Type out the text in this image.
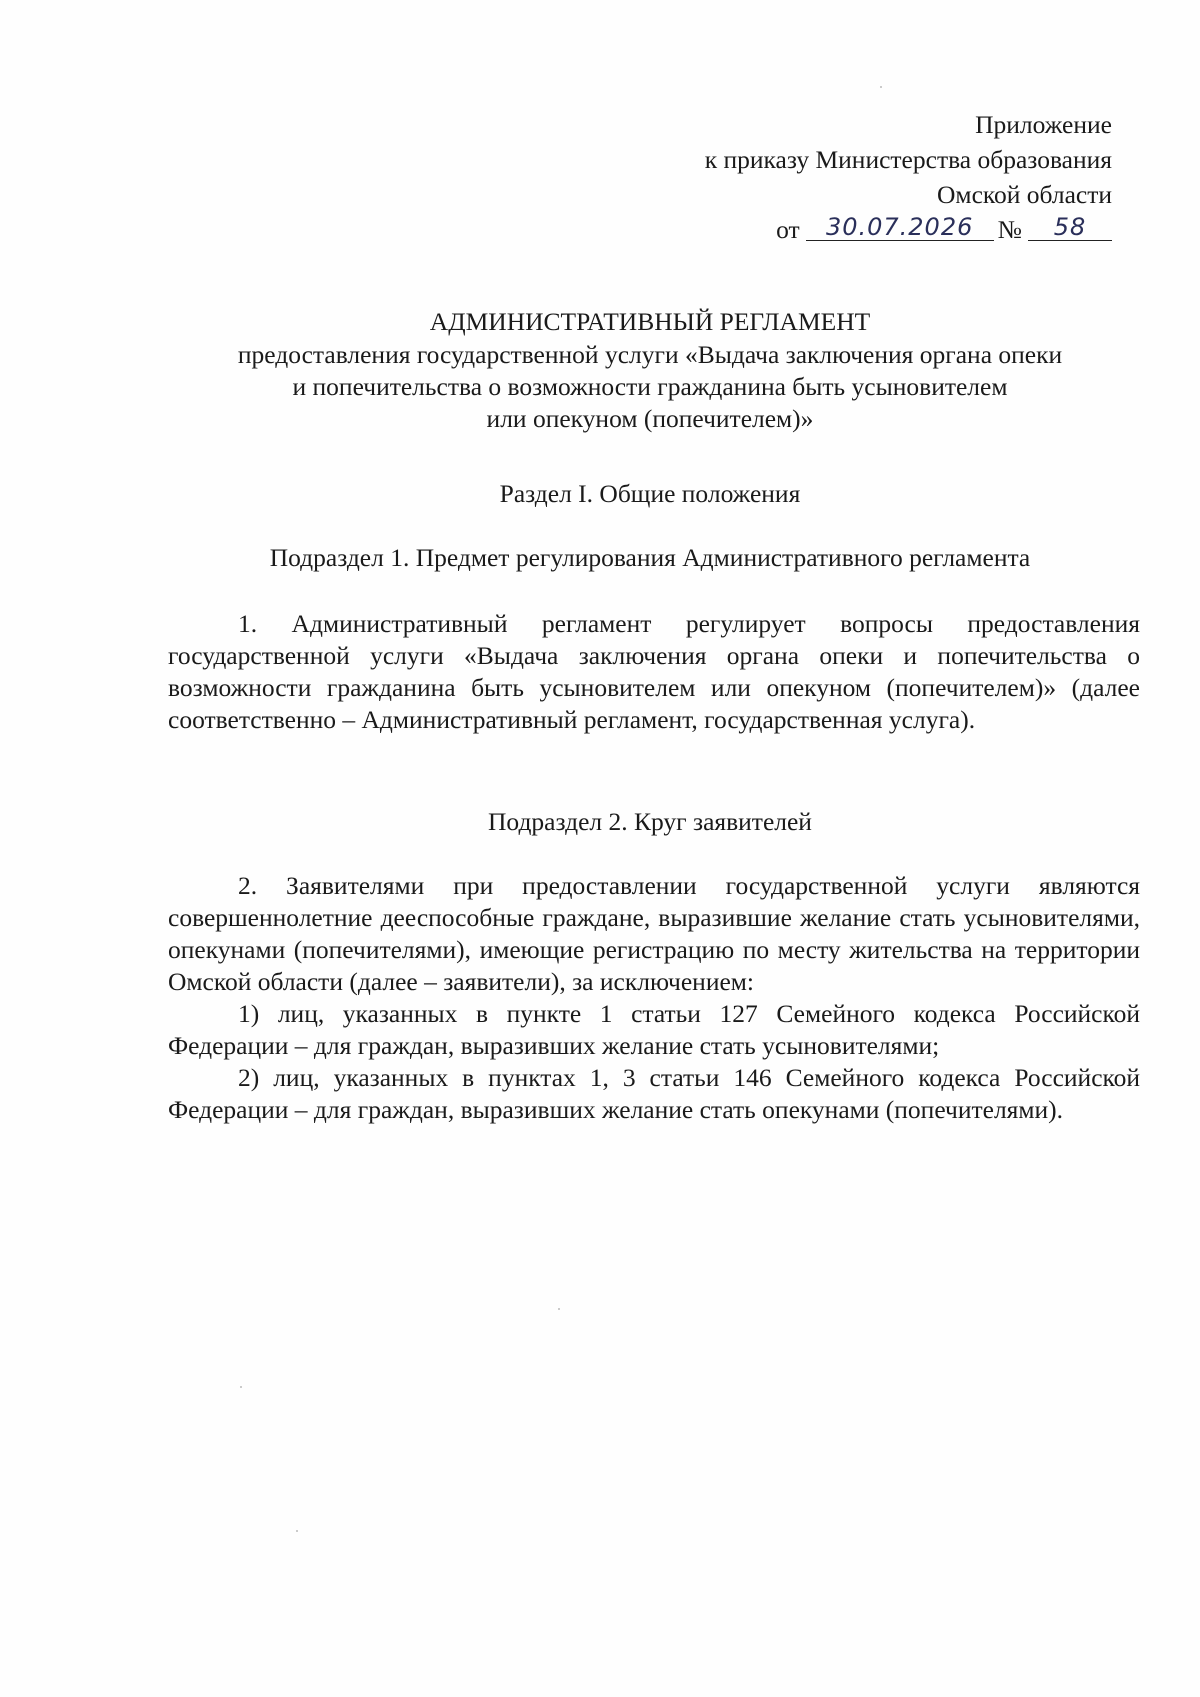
Приложение
к приказу Министерства образования
Омской области
от	30.07.2026 №	58
АДМИНИСТРАТИВНЫЙ РЕГЛАМЕНТ
предоставления государственной услуги «Выдача заключения органа опеки
и попечительства о возможности гражданина быть усыновителем
или опекуном (попечителем)»
Раздел I. Общие положения
Подраздел 1. Предмет регулирования Административного регламента

1. Административный регламент регулирует вопросы предоставления государственной услуги «Выдача заключения органа опеки и попечительства о возможности гражданина быть усыновителем или опекуном (попечителем)» (далее соответственно – Административный регламент, государственная услуга).

Подраздел 2. Круг заявителей

2. Заявителями при предоставлении государственной услуги являются совершеннолетние дееспособные граждане, выразившие желание стать усыновителями, опекунами (попечителями), имеющие регистрацию по месту жительства на территории Омской области (далее – заявители), за исключением:

1) лиц, указанных в пункте 1 статьи 127 Семейного кодекса Российской Федерации – для граждан, выразивших желание стать усыновителями;

2) лиц, указанных в пунктах 1, 3 статьи 146 Семейного кодекса Российской Федерации – для граждан, выразивших желание стать опекунами (попечителями).
